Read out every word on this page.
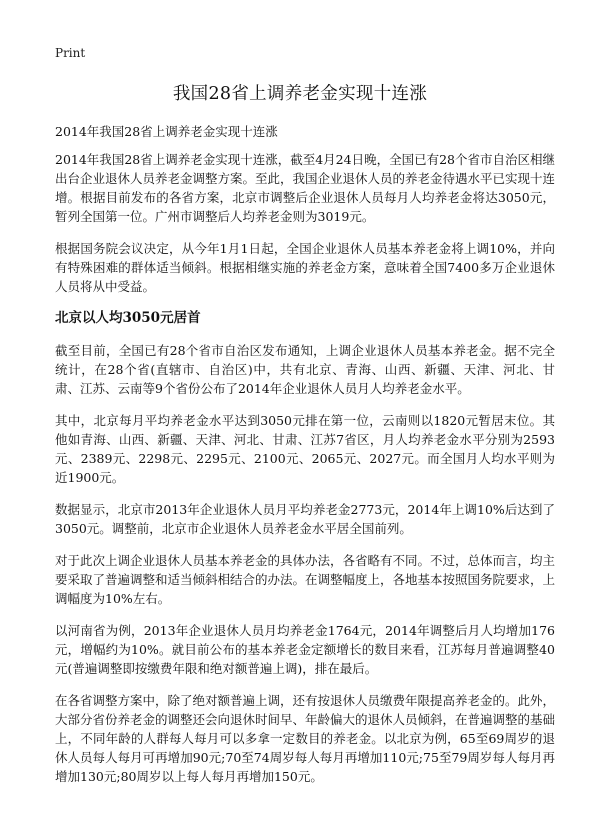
Print
我国28省上调养老金实现十连涨

2014年我国28省上调养老金实现十连涨

2014年我国28省上调养老金实现十连涨，截至4月24日晚，全国已有28个省市自治区相继出台企业退休人员养老金调整方案。至此，我国企业退休人员的养老金待遇水平已实现十连增。根据目前发布的各省方案，北京市调整后企业退休人员每月人均养老金将达3050元，暂列全国第一位。广州市调整后人均养老金则为3019元。

根据国务院会议决定，从今年1月1日起，全国企业退休人员基本养老金将上调10%，并向有特殊困难的群体适当倾斜。根据相继实施的养老金方案，意味着全国7400多万企业退休人员将从中受益。

北京以人均3050元居首

截至目前，全国已有28个省市自治区发布通知，上调企业退休人员基本养老金。据不完全统计，在28个省(直辖市、自治区)中，共有北京、青海、山西、新疆、天津、河北、甘肃、江苏、云南等9个省份公布了2014年企业退休人员月人均养老金水平。

其中，北京每月平均养老金水平达到3050元排在第一位，云南则以1820元暂居末位。其他如青海、山西、新疆、天津、河北、甘肃、江苏7省区，月人均养老金水平分别为2593元、2389元、2298元、2295元、2100元、2065元、2027元。而全国月人均水平则为近1900元。

数据显示，北京市2013年企业退休人员月平均养老金2773元，2014年上调10%后达到了3050元。调整前，北京市企业退休人员养老金水平居全国前列。

对于此次上调企业退休人员基本养老金的具体办法，各省略有不同。不过，总体而言，均主要采取了普遍调整和适当倾斜相结合的办法。在调整幅度上，各地基本按照国务院要求，上调幅度为10%左右。

以河南省为例，2013年企业退休人员月均养老金1764元，2014年调整后月人均增加176元，增幅约为10%。就目前公布的基本养老金定额增长的数目来看，江苏每月普遍调整40元(普遍调整即按缴费年限和绝对额普遍上调)，排在最后。

在各省调整方案中，除了绝对额普遍上调，还有按退休人员缴费年限提高养老金的。此外，大部分省份养老金的调整还会向退休时间早、年龄偏大的退休人员倾斜，在普遍调整的基础上，不同年龄的人群每人每月可以多拿一定数目的养老金。以北京为例，65至69周岁的退休人员每人每月可再增加90元;70至74周岁每人每月再增加110元;75至79周岁每人每月再增加130元;80周岁以上每人每月再增加150元。
